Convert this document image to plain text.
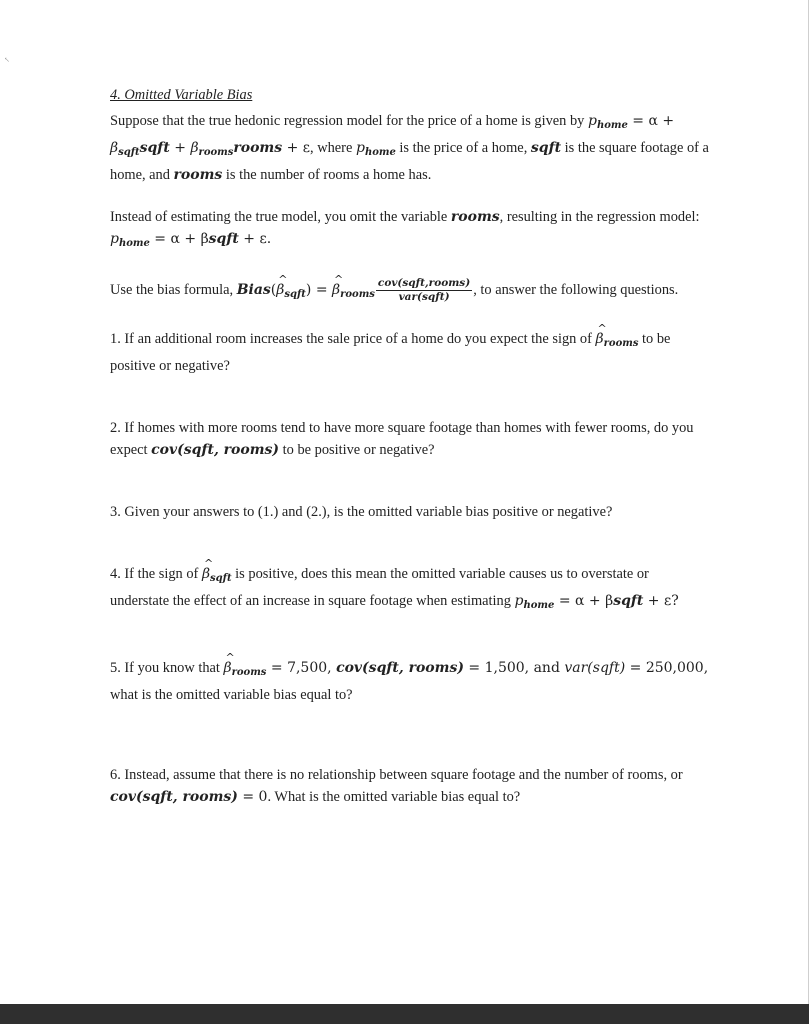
↖

4. Omitted Variable Bias

Suppose that the true hedonic regression model for the price of a home is given by $p_{home} = \alpha$ + $\beta_{sqft}sqft$ + $\beta_{rooms}rooms + \varepsilon$, where $p_{home}$ is the price of a home, sqft is the square footage of a home, and rooms is the number of rooms a home has.

Instead of estimating the true model, you omit the variable rooms, resulting in the regression model: $p_{home} = \alpha$ + βsqft + ε.

Use the bias formula, Bias(^ $\beta_{sqft}$) = ^ $\beta_{rooms} \frac{\text{cov(sqft,rooms)}}{\text{var(sqft)}}$ , to answer the following questions.

1. If an additional room increases the sale price of a home do you expect the sign of ^ $\beta_{rooms}$ to be positive or negative?

2. If homes with more rooms tend to have more square footage than homes with fewer rooms, do you expect cov(sqft, rooms) to be positive or negative?

3. Given your answers to (1.) and (2.), is the omitted variable bias positive or negative?

4. If the sign of ^ $\beta_{sqft}$ is positive, does this mean the omitted variable causes us to overstate or understate the effect of an increase in square footage when estimating $p_{home} = \alpha$ + βsqft + ε?

5. If you know that ^ $\beta_{rooms} = 7,500$, cov(sqft, rooms) = 1,500, and var(sqft) = 250,000, what is the omitted variable bias equal to?

6. Instead, assume that there is no relationship between square footage and the number of rooms, or cov(sqft, rooms) = 0. What is the omitted variable bias equal to?
